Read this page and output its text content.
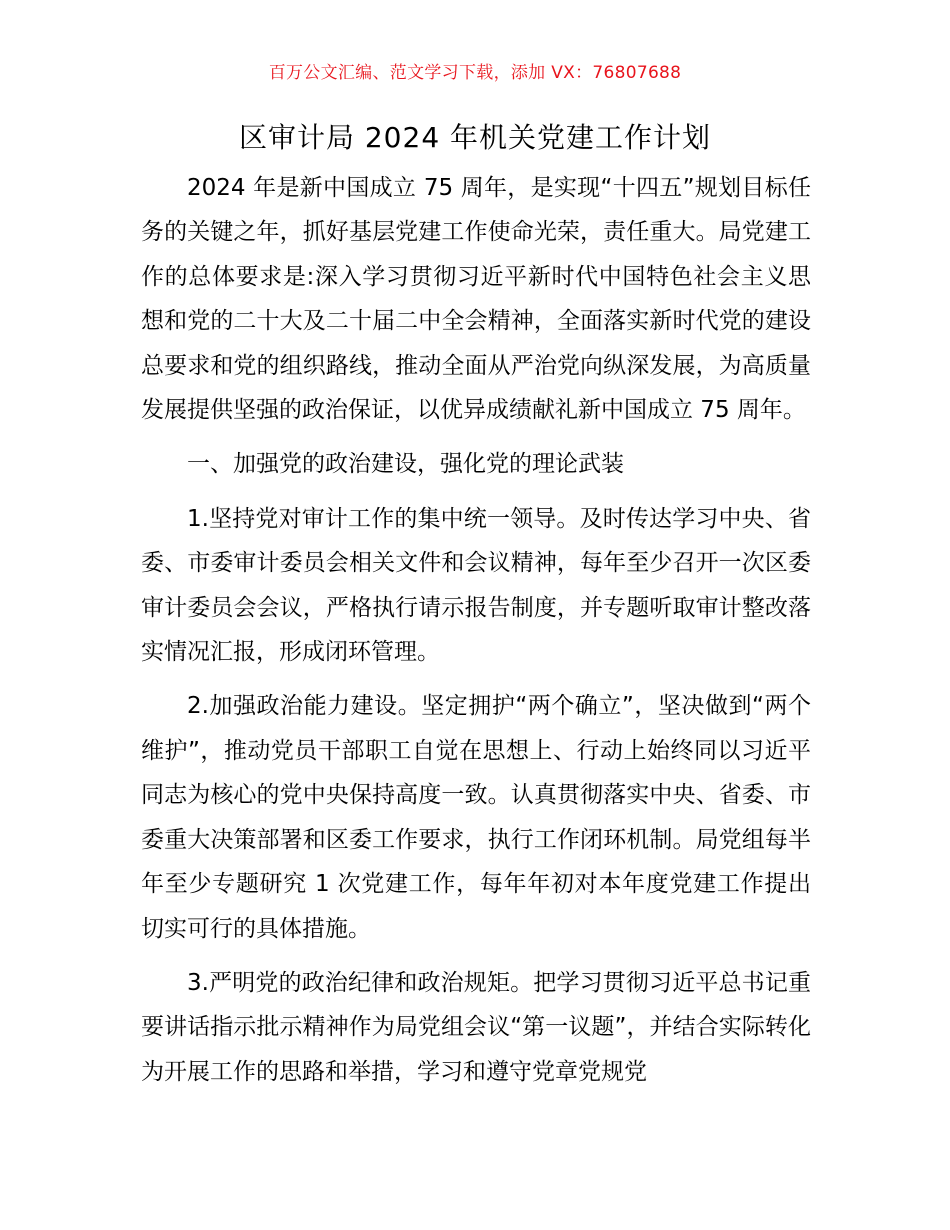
百万公文汇编、范文学习下载，添加 VX：76807688
区审计局 2024 年机关党建工作计划

2024 年是新中国成立 75 周年，是实现“十四五”规划目标任务的关键之年，抓好基层党建工作使命光荣，责任重大。局党建工作的总体要求是:深入学习贯彻习近平新时代中国特色社会主义思想和党的二十大及二十届二中全会精神，全面落实新时代党的建设总要求和党的组织路线，推动全面从严治党向纵深发展，为高质量发展提供坚强的政治保证，以优异成绩献礼新中国成立 75 周年。

一、加强党的政治建设，强化党的理论武装

1.坚持党对审计工作的集中统一领导。及时传达学习中央、省委、市委审计委员会相关文件和会议精神，每年至少召开一次区委审计委员会会议，严格执行请示报告制度，并专题听取审计整改落实情况汇报，形成闭环管理。

2.加强政治能力建设。坚定拥护“两个确立”，坚决做到“两个维护”，推动党员干部职工自觉在思想上、行动上始终同以习近平同志为核心的党中央保持高度一致。认真贯彻落实中央、省委、市委重大决策部署和区委工作要求，执行工作闭环机制。局党组每半年至少专题研究 1 次党建工作，每年年初对本年度党建工作提出切实可行的具体措施。

3.严明党的政治纪律和政治规矩。把学习贯彻习近平总书记重要讲话指示批示精神作为局党组会议“第一议题”，并结合实际转化为开展工作的思路和举措，学习和遵守党章党规党
